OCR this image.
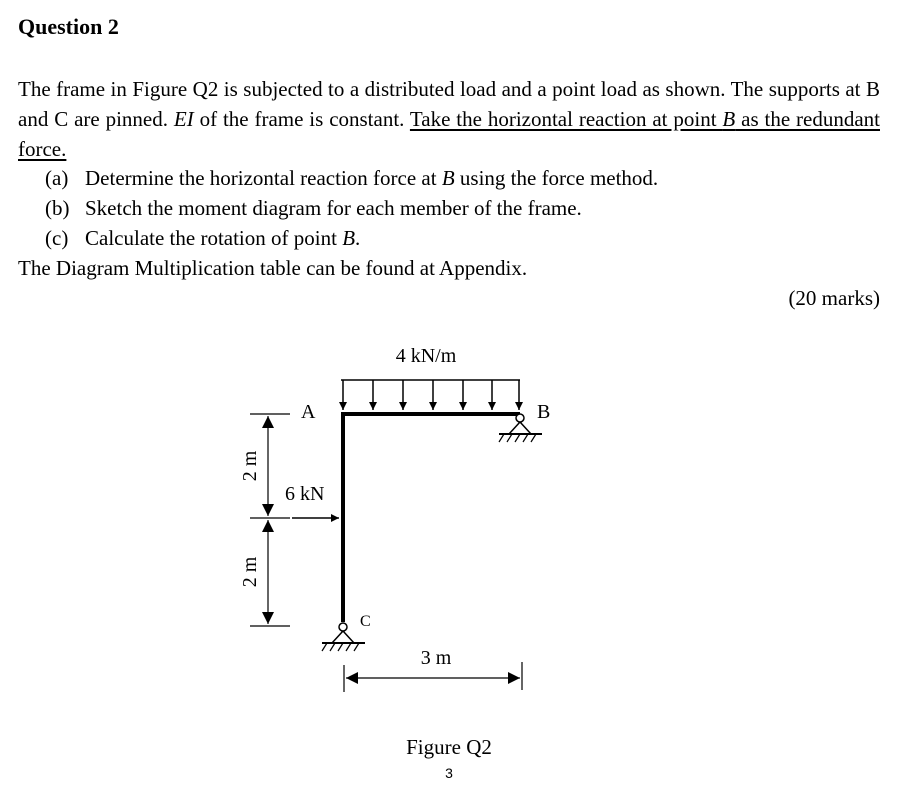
Question 2
The frame in Figure Q2 is subjected to a distributed load and a point load as shown. The supports at B and C are pinned. EI of the frame is constant. Take the horizontal reaction at point B as the redundant force.
(a) Determine the horizontal reaction force at B using the force method.
(b) Sketch the moment diagram for each member of the frame.
(c) Calculate the rotation of point B.
The Diagram Multiplication table can be found at Appendix.
(20 marks)
4 kN/m
A	B
C
6 kN
2 m
2 m
3 m
Figure Q2
3
